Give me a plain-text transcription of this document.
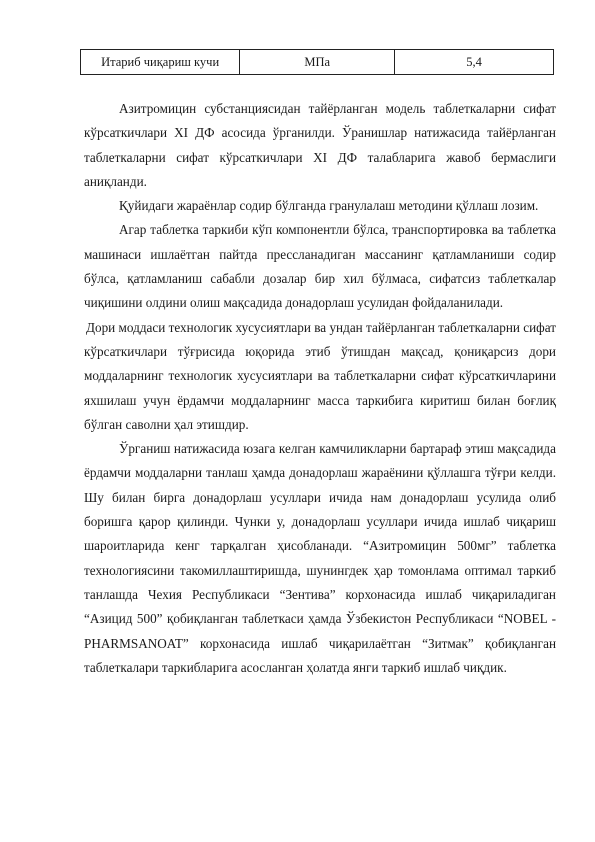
Итариб чиқариш кучи	МПа	5,4

Азитромицин субстанциясидан тайёрланган модель таблеткаларни сифат кўрсаткичлари XI ДФ асосида ўрганилди. Ўранишлар натижасида тайёрланган таблеткаларни сифат кўрсаткичлари XI ДФ талабларига жавоб бермаслиги аниқланди.

Қуйидаги жараёнлар содир бўлганда гранулалаш методини қўллаш лозим.

Агар таблетка таркиби кўп компонентли бўлса, транспортировка ва таблетка машинаси ишлаётган пайтда прессланадиган массанинг қатламланиши содир бўлса, қатламланиш сабабли дозалар бир хил бўлмаса, сифатсиз таблеткалар чиқишини олдини олиш мақсадида донадорлаш усулидан фойдаланилади.

Дори моддаси технологик хусусиятлари ва ундан тайёрланган таблеткаларни сифат кўрсаткичлари тўғрисида юқорида этиб ўтишдан мақсад, қониқарсиз дори моддаларнинг технологик хусусиятлари ва таблеткаларни сифат кўрсаткичларини яхшилаш учун ёрдамчи моддаларнинг масса таркибига киритиш билан боғлиқ бўлган саволни ҳал этишдир.

Ўрганиш натижасида юзага келган камчиликларни бартараф этиш мақсадида ёрдамчи моддаларни танлаш ҳамда донадорлаш жараёнини қўллашга тўғри келди. Шу билан бирга донадорлаш усуллари ичида нам донадорлаш усулида олиб боришга қарор қилинди. Чунки у, донадорлаш усуллари ичида ишлаб чиқариш шароитларида кенг тарқалган ҳисобланади. “Азитромицин 500мг” таблетка технологиясини такомиллаштиришда, шунингдек ҳар томонлама оптимал таркиб танлашда Чехия Республикаси “Зентива” корхонасида ишлаб чиқариладиган “Азицид 500” қобиқланган таблеткаси ҳамда Ўзбекистон Республикаси “NOBEL - PHARMSANOAT” корхонасида ишлаб чиқарилаётган “Зитмак” қобиқланган таблеткалари таркибларига асосланган ҳолатда янги таркиб ишлаб чиқдик.
